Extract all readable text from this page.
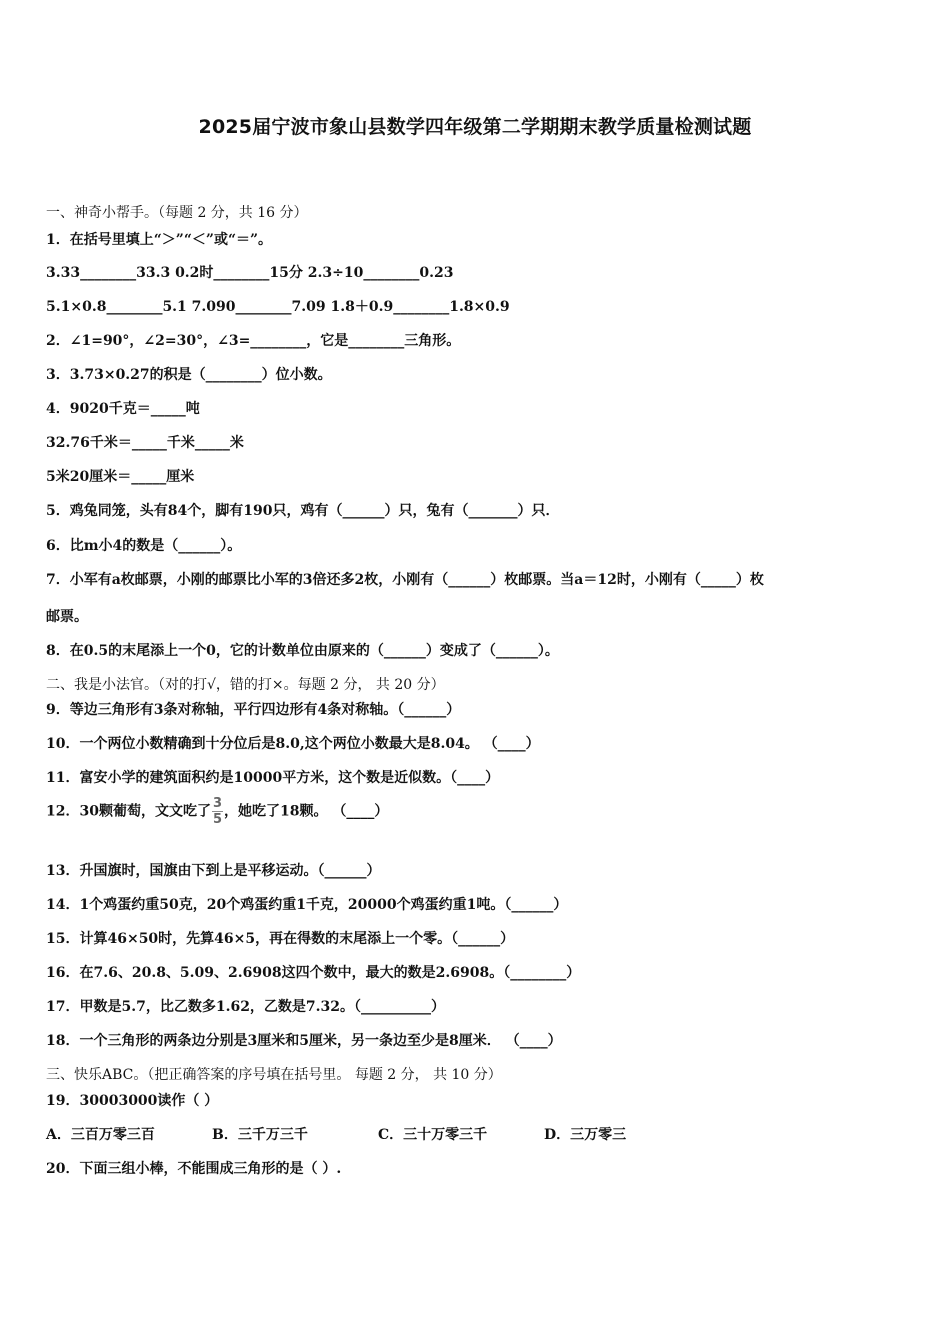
2025届宁波市象山县数学四年级第二学期期末教学质量检测试题
一、神奇小帮手。（每题 2 分，共 16 分）
1．在括号里填上“＞”“＜”或“＝”。
3.33________33.3 0.2时________15分 2.3÷10________0.23
5.1×0.8________5.1 7.090________7.09 1.8＋0.9________1.8×0.9
2．∠1=90°，∠2=30°，∠3=________，它是________三角形。
3．3.73×0.27的积是（________）位小数。
4．9020千克＝_____吨
32.76千米＝_____千米_____米
5米20厘米＝_____厘米
5．鸡兔同笼，头有84个，脚有190只，鸡有（______）只，兔有（_______）只．
6．比m小4的数是（______）。
7．小军有a枚邮票，小刚的邮票比小军的3倍还多2枚，小刚有（______）枚邮票。当a＝12时，小刚有（_____）枚
邮票。
8．在0.5的末尾添上一个0，它的计数单位由原来的（______）变成了（______）。
二、我是小法官。（对的打√，错的打×。每题 2 分， 共 20 分）
9．等边三角形有3条对称轴，平行四边形有4条对称轴。（______）
10．一个两位小数精确到十分位后是8.0,这个两位小数最大是8.04。 （____）
11．富安小学的建筑面积约是10000平方米，这个数是近似数。（____）
12．30颗葡萄，文文吃了 $\frac{3}{5}$ ，她吃了18颗。 （____）
13．升国旗时，国旗由下到上是平移运动。（______）
14．1个鸡蛋约重50克，20个鸡蛋约重1千克，20000个鸡蛋约重1吨。（______）
15．计算46×50时，先算46×5，再在得数的末尾添上一个零。（______）
16．在7.6、20.8、5.09、2.6908这四个数中，最大的数是2.6908。（________）
17．甲数是5.7，比乙数多1.62，乙数是7.32。（__________）
18．一个三角形的两条边分别是3厘米和5厘米，另一条边至少是8厘米． （____）
三、快乐ABC。（把正确答案的序号填在括号里。 每题 2 分， 共 10 分）
19．30003000读作（ ）
A．三百万零三百	B．三千万三千	C．三十万零三千	D．三万零三
20．下面三组小棒，不能围成三角形的是（ ）.
